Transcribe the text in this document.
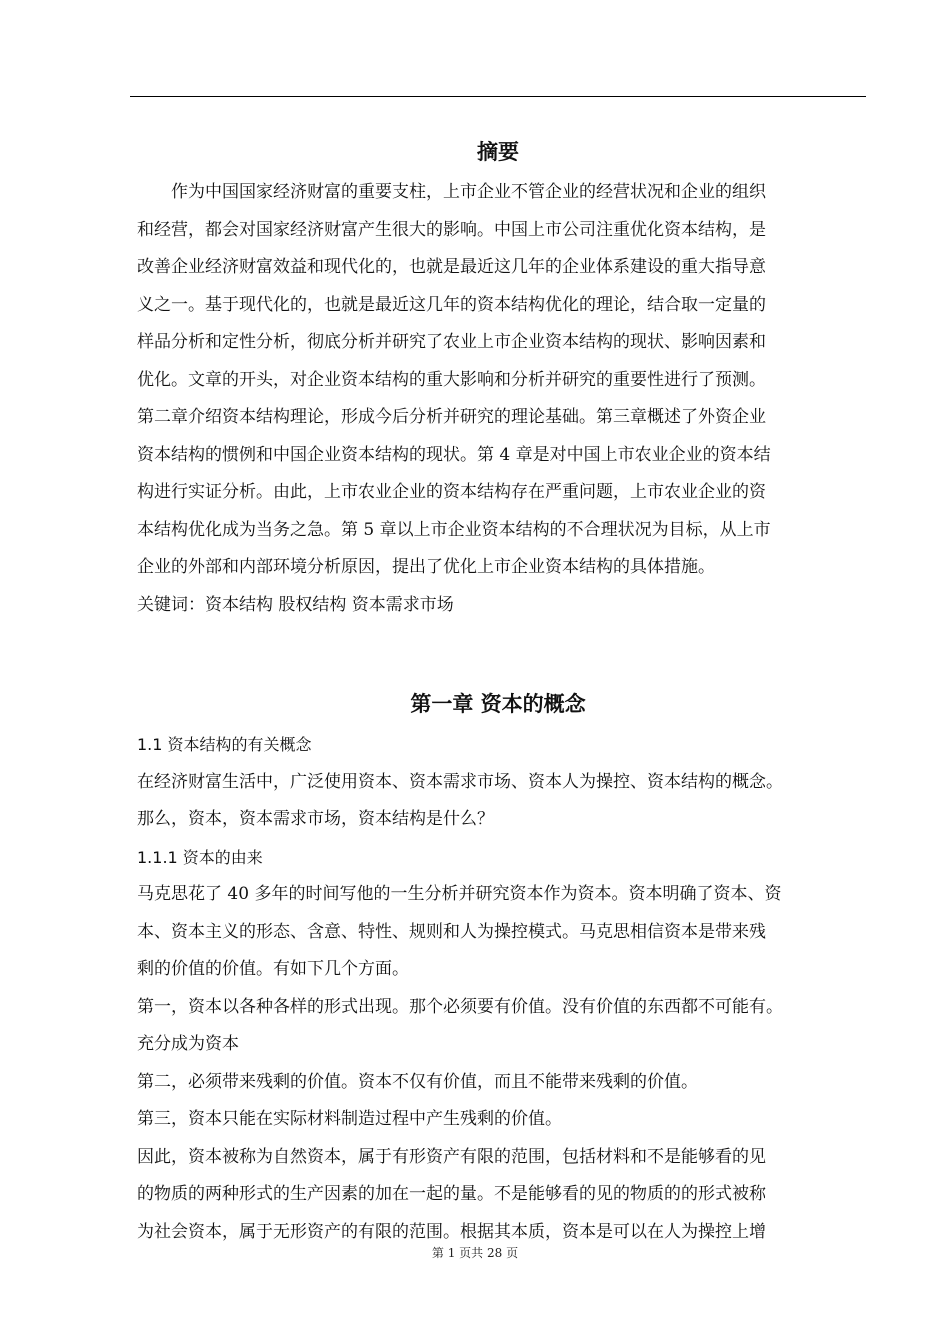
摘要
作为中国国家经济财富的重要支柱，上市企业不管企业的经营状况和企业的组织
和经营，都会对国家经济财富产生很大的影响。中国上市公司注重优化资本结构，是
改善企业经济财富效益和现代化的，也就是最近这几年的企业体系建设的重大指导意
义之一。基于现代化的，也就是最近这几年的资本结构优化的理论，结合取一定量的
样品分析和定性分析，彻底分析并研究了农业上市企业资本结构的现状、影响因素和
优化。文章的开头，对企业资本结构的重大影响和分析并研究的重要性进行了预测。
第二章介绍资本结构理论，形成今后分析并研究的理论基础。第三章概述了外资企业
资本结构的惯例和中国企业资本结构的现状。第 4 章是对中国上市农业企业的资本结
构进行实证分析。由此，上市农业企业的资本结构存在严重问题，上市农业企业的资
本结构优化成为当务之急。第 5 章以上市企业资本结构的不合理状况为目标，从上市
企业的外部和内部环境分析原因，提出了优化上市企业资本结构的具体措施。

关键词：资本结构 股权结构 资本需求市场

第一章 资本的概念

1.1 资本结构的有关概念

在经济财富生活中，广泛使用资本、资本需求市场、资本人为操控、资本结构的概念。
那么，资本，资本需求市场，资本结构是什么？

1.1.1 资本的由来

马克思花了 40 多年的时间写他的一生分析并研究资本作为资本。资本明确了资本、资
本、资本主义的形态、含意、特性、规则和人为操控模式。马克思相信资本是带来残
剩的价值的价值。有如下几个方面。
第一，资本以各种各样的形式出现。那个必须要有价值。没有价值的东西都不可能有。
充分成为资本

第二，必须带来残剩的价值。资本不仅有价值，而且不能带来残剩的价值。

第三，资本只能在实际材料制造过程中产生残剩的价值。

因此，资本被称为自然资本，属于有形资产有限的范围，包括材料和不是能够看的见
的物质的两种形式的生产因素的加在一起的量。不是能够看的见的物质的的形式被称
为社会资本，属于无形资产的有限的范围。根据其本质，资本是可以在人为操控上增
第 1 页共 28 页
